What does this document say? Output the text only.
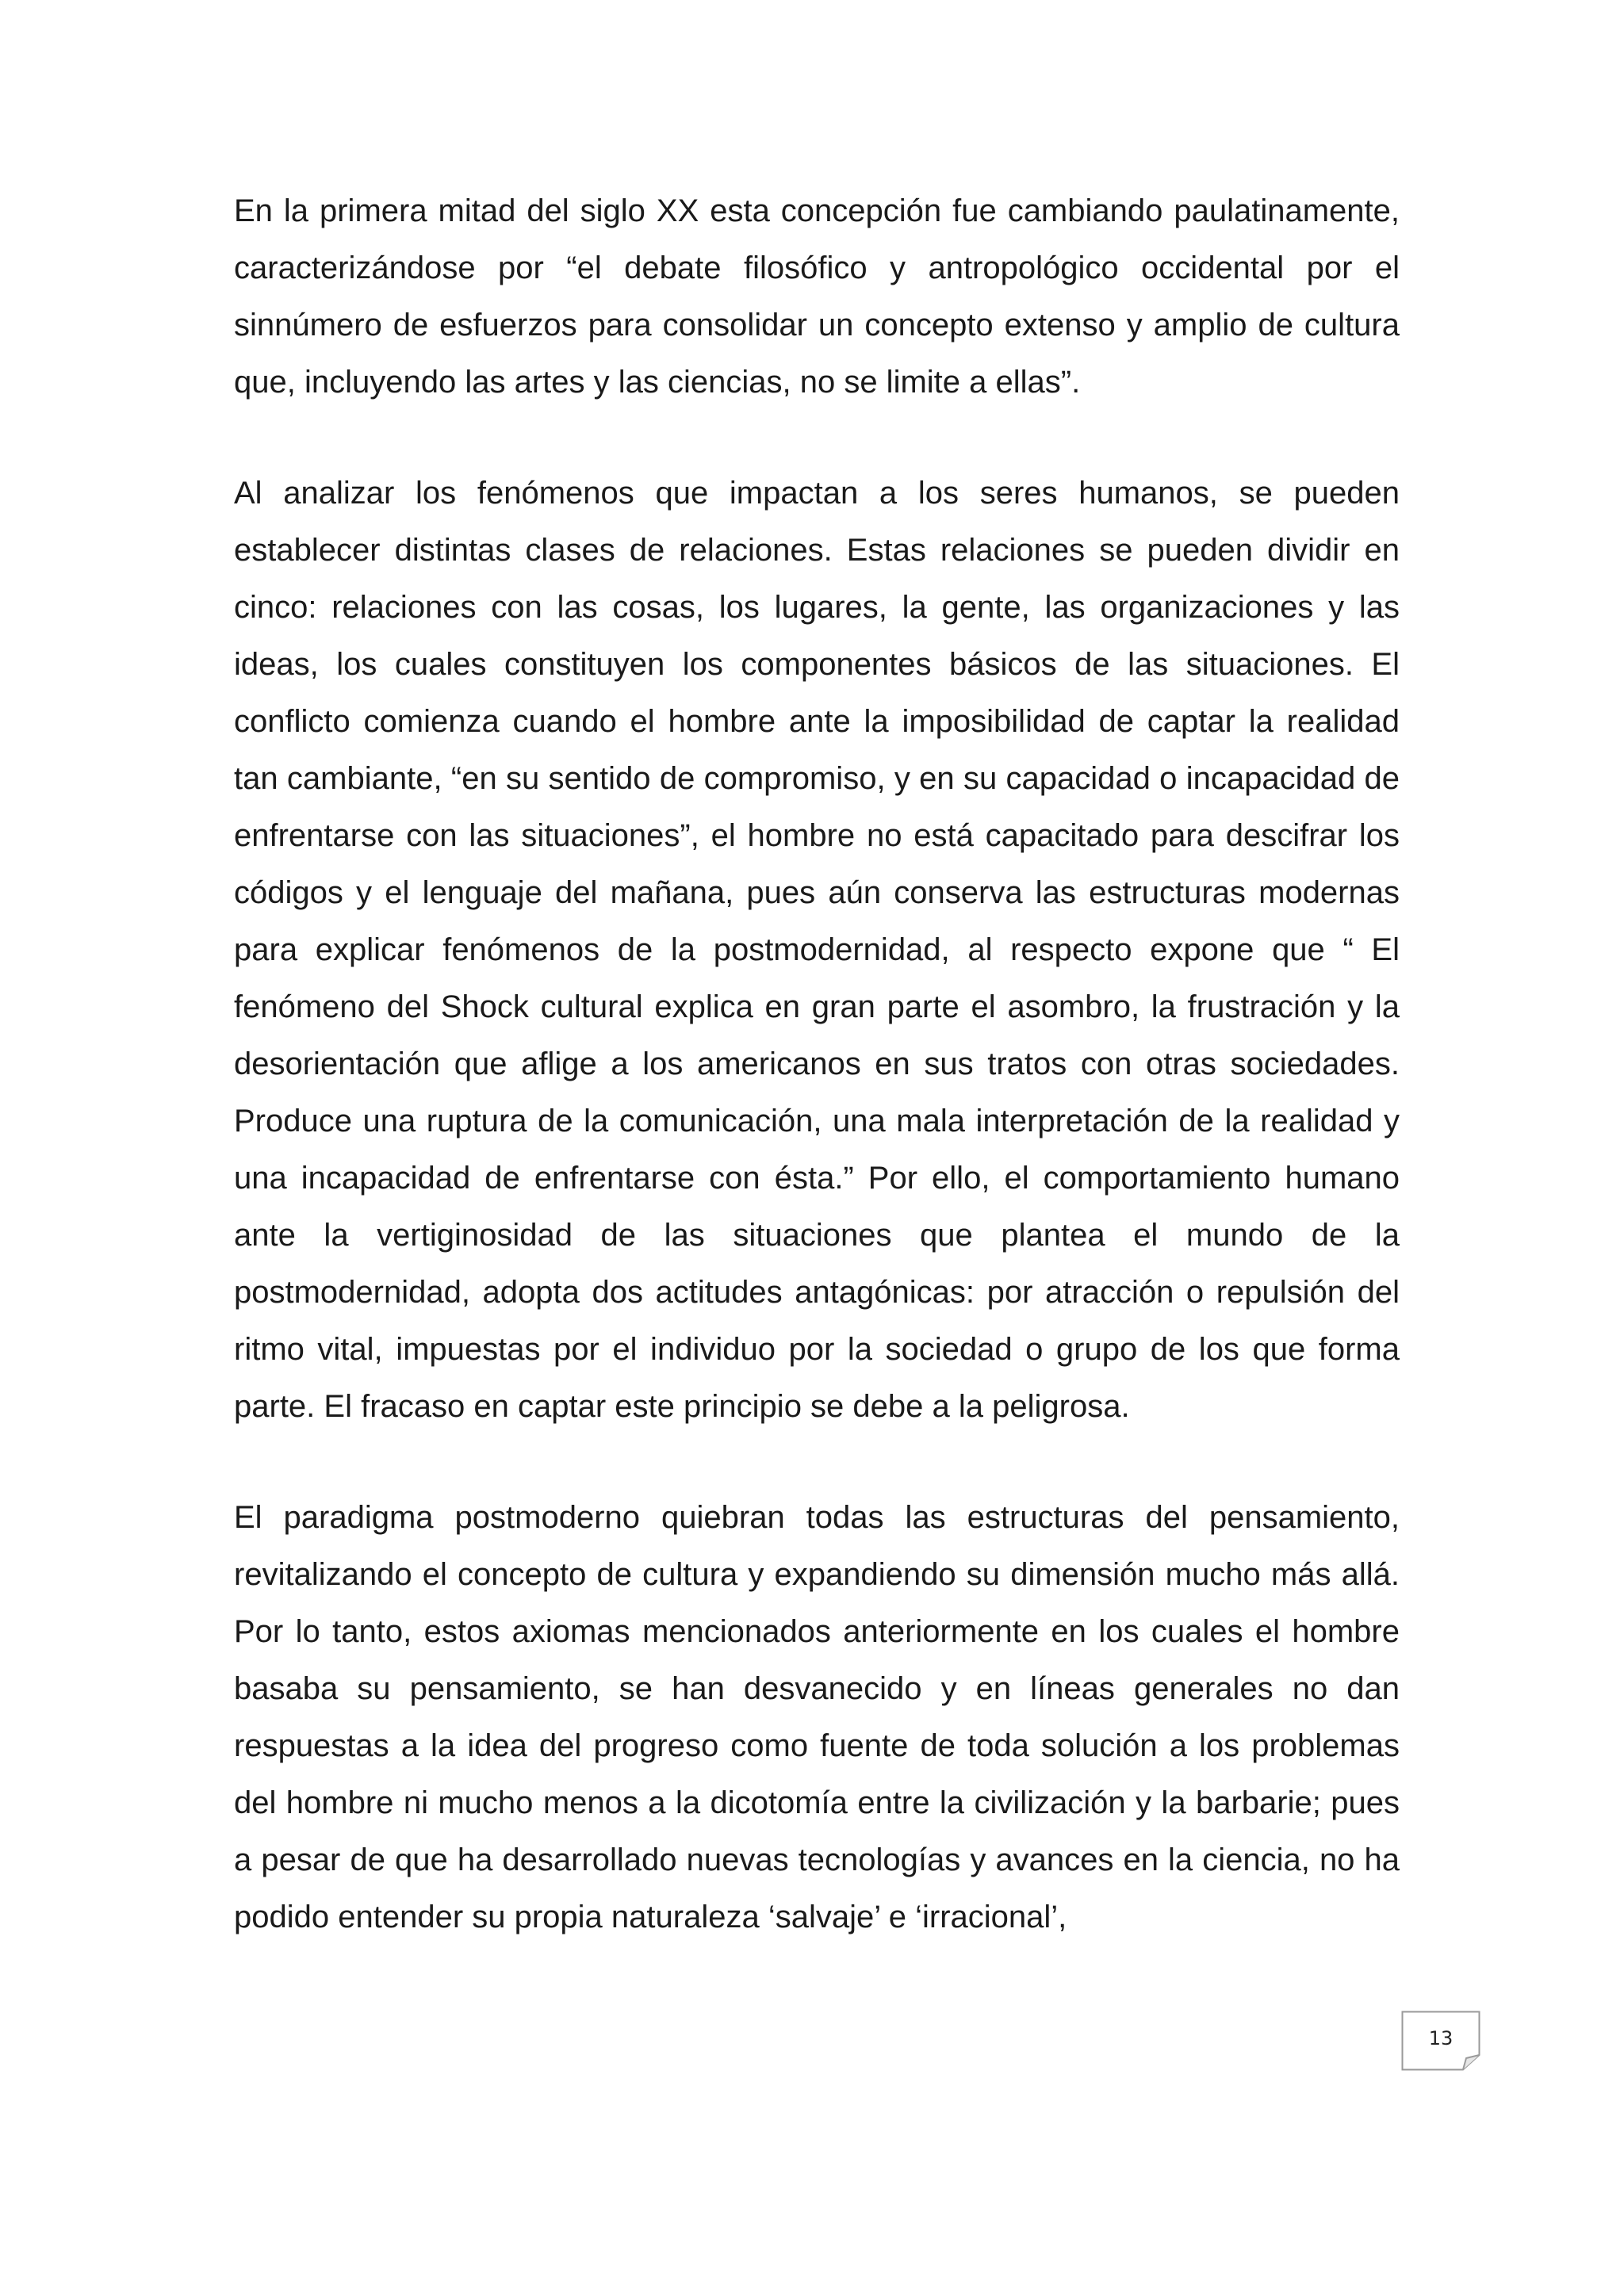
En la primera mitad del siglo XX esta concepción fue cambiando paulatinamente, caracterizándose por “el debate filosófico y antropológico occidental por el sinnúmero de esfuerzos para consolidar un concepto extenso y amplio de cultura que, incluyendo las artes y las ciencias, no se limite a ellas”.

Al analizar los fenómenos que impactan a los seres humanos, se pueden establecer distintas clases de relaciones. Estas relaciones se pueden dividir en cinco: relaciones con las cosas, los lugares, la gente, las organizaciones y las ideas, los cuales constituyen los componentes básicos de las situaciones. El conflicto comienza cuando el hombre ante la imposibilidad de captar la realidad tan cambiante, “en su sentido de compromiso, y en su capacidad o incapacidad de enfrentarse con las situaciones”, el hombre no está capacitado para descifrar los códigos y el lenguaje del mañana, pues aún conserva las estructuras modernas para explicar fenómenos de la postmodernidad, al respecto expone que “ El fenómeno del Shock cultural explica en gran parte el asombro, la frustración y la desorientación que aflige a los americanos en sus tratos con otras sociedades. Produce una ruptura de la comunicación, una mala interpretación de la realidad y una incapacidad de enfrentarse con ésta.” Por ello, el comportamiento humano ante la vertiginosidad de las situaciones que plantea el mundo de la postmodernidad, adopta dos actitudes antagónicas: por atracción o repulsión del ritmo vital, impuestas por el individuo por la sociedad o grupo de los que forma parte. El fracaso en captar este principio se debe a la peligrosa.

El paradigma postmoderno quiebran todas las estructuras del pensamiento, revitalizando el concepto de cultura y expandiendo su dimensión mucho más allá. Por lo tanto, estos axiomas mencionados anteriormente en los cuales el hombre basaba su pensamiento, se han desvanecido y en líneas generales no dan respuestas a la idea del progreso como fuente de toda solución a los problemas del hombre ni mucho menos a la dicotomía entre la civilización y la barbarie; pues a pesar de que ha desarrollado nuevas tecnologías y avances en la ciencia, no ha podido entender su propia naturaleza ‘salvaje’ e ‘irracional’,

13
